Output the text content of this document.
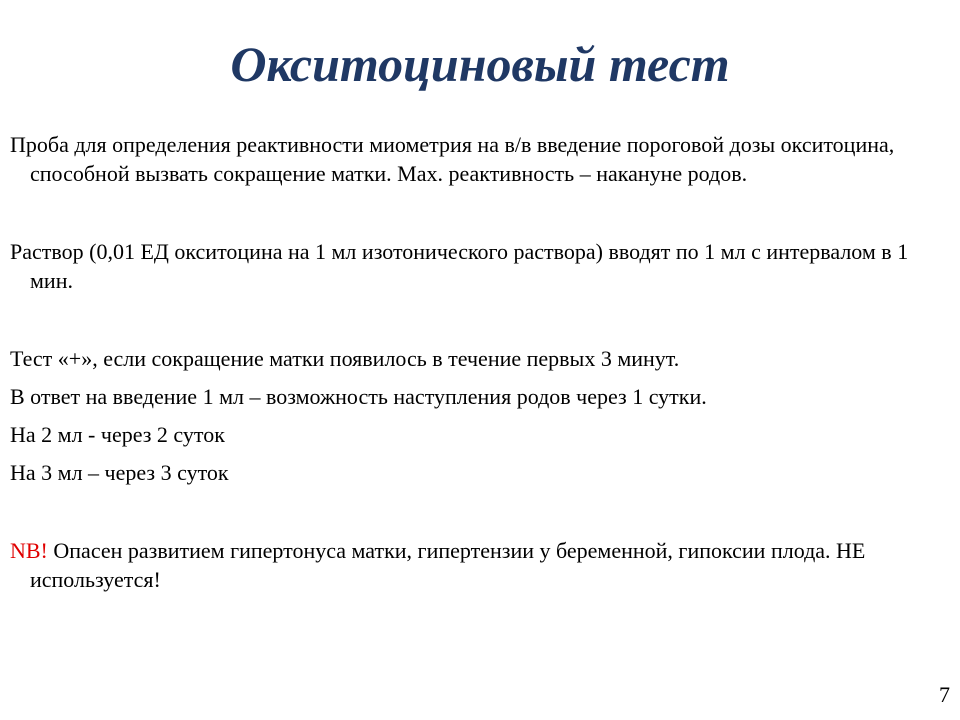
Окситоциновый тест

Проба для определения реактивности миометрия на в/в введение пороговой дозы окситоцина, способной вызвать сокращение матки. Мах. реактивность – накануне родов.

Раствор (0,01 ЕД окситоцина на 1 мл изотонического раствора) вводят по 1 мл с интервалом в 1 мин.

Тест «+», если сокращение матки появилось в течение первых 3 минут.

В ответ на введение 1 мл – возможность наступления родов через 1 сутки.

На 2 мл - через 2 суток

На 3 мл – через 3 суток

NB! Опасен развитием гипертонуса матки, гипертензии у беременной, гипоксии плода. НЕ используется!

7
